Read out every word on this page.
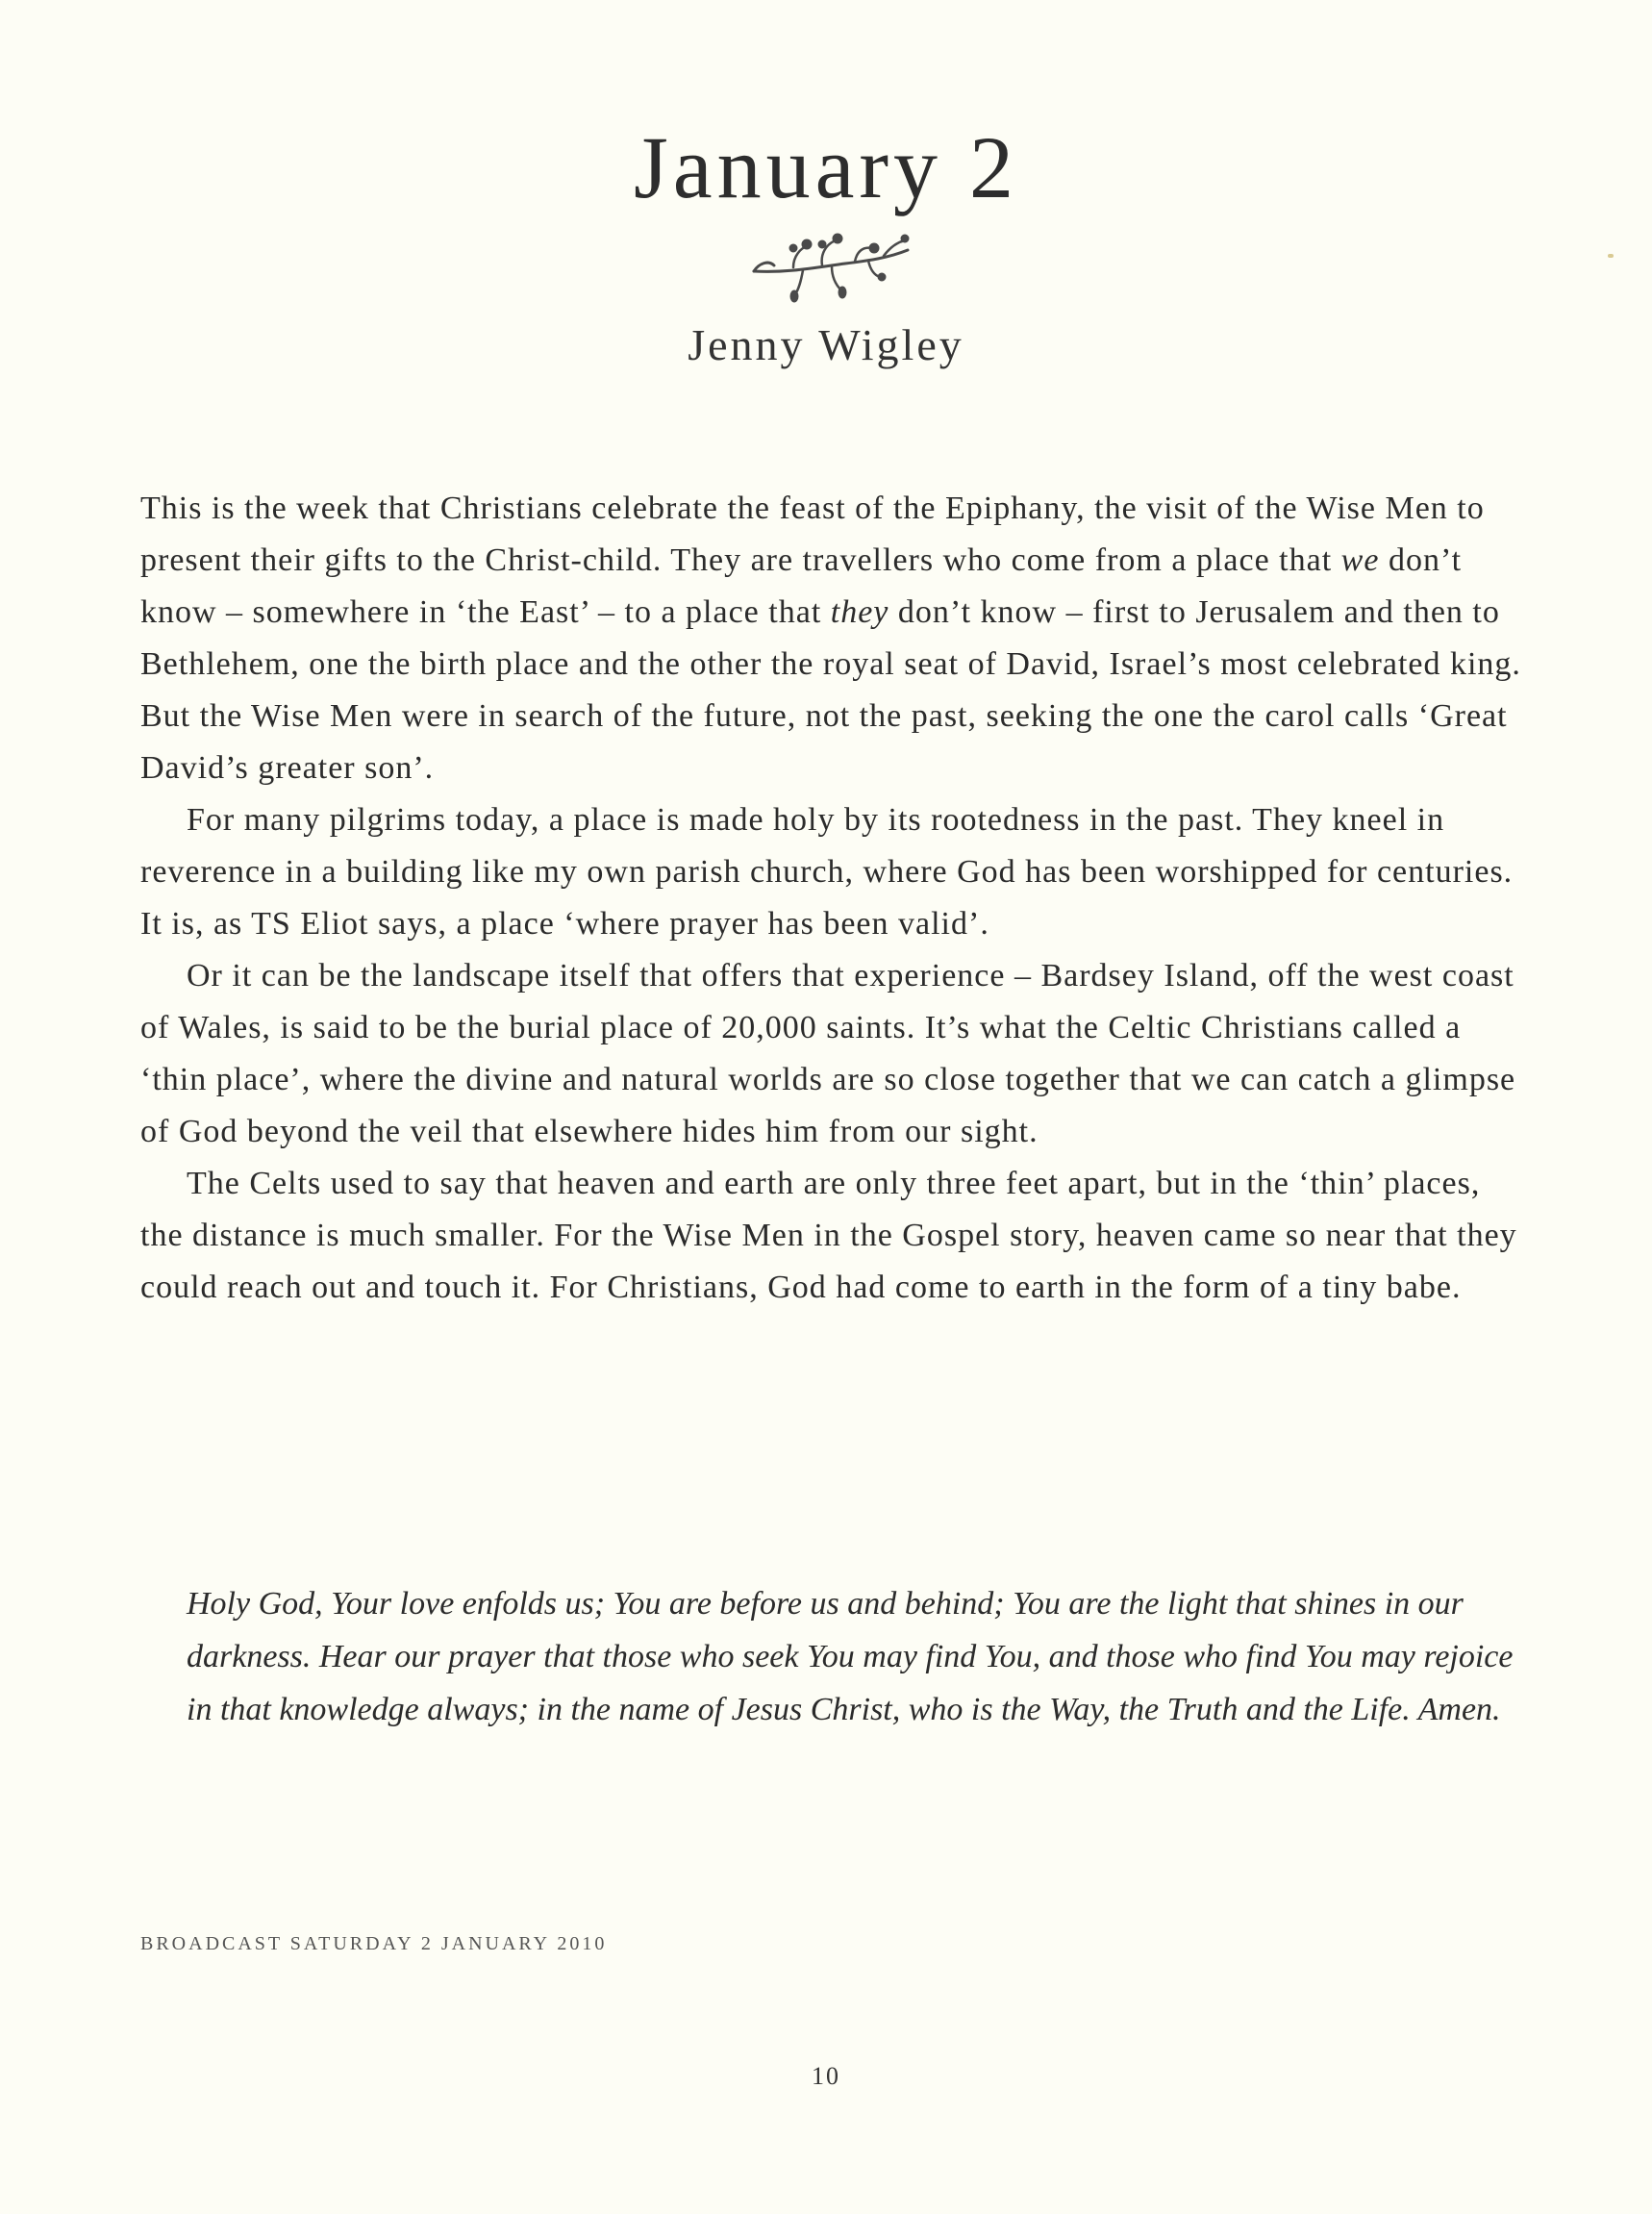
January 2
Jenny Wigley

This is the week that Christians celebrate the feast of the Epiphany, the visit of the Wise Men to present their gifts to the Christ-child. They are travellers who come from a place that we don’t know – somewhere in ‘the East’ – to a place that they don’t know – first to Jerusalem and then to Bethlehem, one the birth place and the other the royal seat of David, Israel’s most celebrated king. But the Wise Men were in search of the future, not the past, seeking the one the carol calls ‘Great David’s greater son’.

For many pilgrims today, a place is made holy by its rootedness in the past. They kneel in reverence in a building like my own parish church, where God has been worshipped for centuries. It is, as TS Eliot says, a place ‘where prayer has been valid’.

Or it can be the landscape itself that offers that experience – Bardsey Island, off the west coast of Wales, is said to be the burial place of 20,000 saints. It’s what the Celtic Christians called a ‘thin place’, where the divine and natural worlds are so close together that we can catch a glimpse of God beyond the veil that elsewhere hides him from our sight.

The Celts used to say that heaven and earth are only three feet apart, but in the ‘thin’ places, the distance is much smaller. For the Wise Men in the Gospel story, heaven came so near that they could reach out and touch it. For Christians, God had come to earth in the form of a tiny babe.

Holy God, Your love enfolds us; You are before us and behind; You are the light that shines in our darkness. Hear our prayer that those who seek You may find You, and those who find You may rejoice in that knowledge always; in the name of Jesus Christ, who is the Way, the Truth and the Life. Amen.
BROADCAST SATURDAY 2 JANUARY 2010
10
